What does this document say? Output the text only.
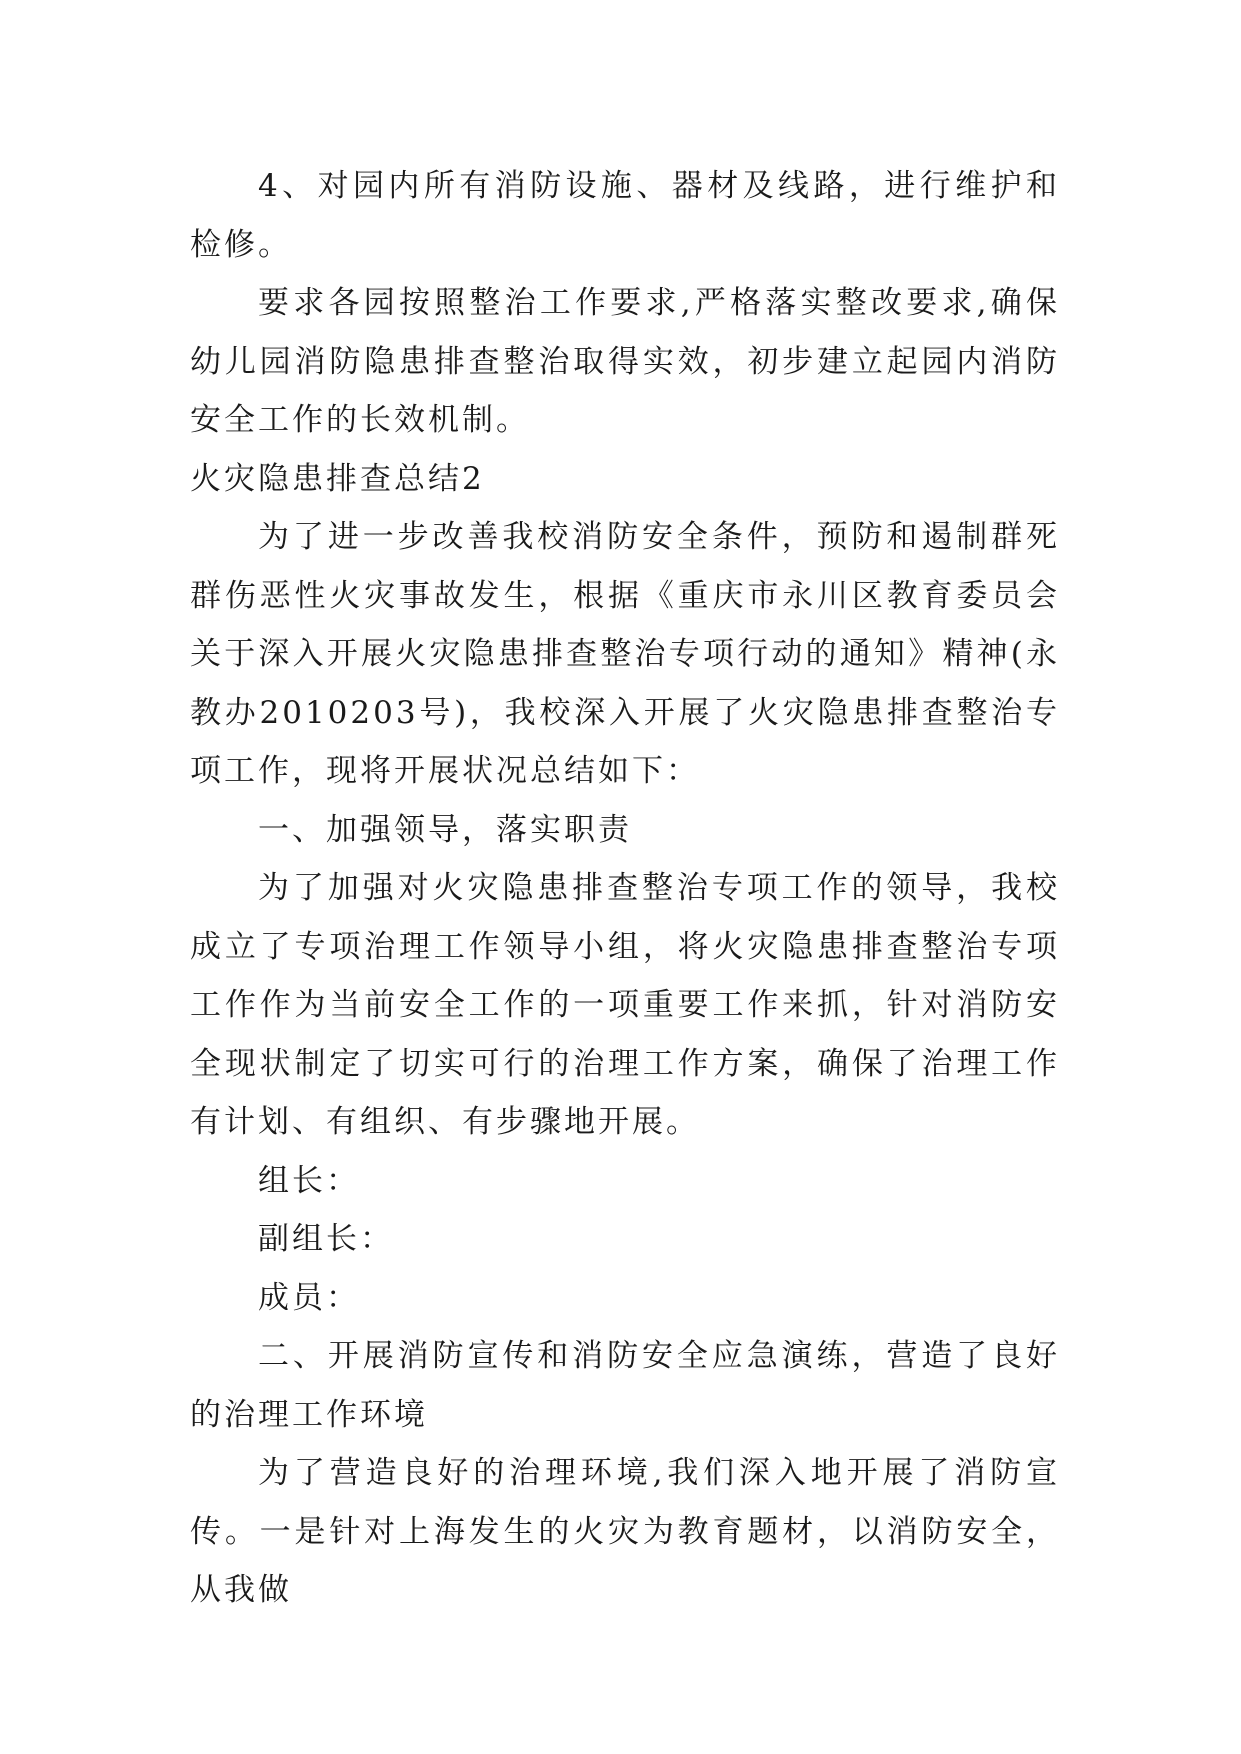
4、对园内所有消防设施、器材及线路，进行维护和检修。

要求各园按照整治工作要求,严格落实整改要求,确保幼儿园消防隐患排查整治取得实效，初步建立起园内消防安全工作的长效机制。

火灾隐患排查总结2

为了进一步改善我校消防安全条件，预防和遏制群死群伤恶性火灾事故发生，根据《重庆市永川区教育委员会关于深入开展火灾隐患排查整治专项行动的通知》精神(永教办2010203号)，我校深入开展了火灾隐患排查整治专项工作，现将开展状况总结如下：

一、加强领导，落实职责

为了加强对火灾隐患排查整治专项工作的领导，我校成立了专项治理工作领导小组，将火灾隐患排查整治专项工作作为当前安全工作的一项重要工作来抓，针对消防安全现状制定了切实可行的治理工作方案，确保了治理工作有计划、有组织、有步骤地开展。

组长：

副组长：

成员：

二、开展消防宣传和消防安全应急演练，营造了良好的治理工作环境

为了营造良好的治理环境,我们深入地开展了消防宣传。一是针对上海发生的火灾为教育题材，以消防安全，从我做
